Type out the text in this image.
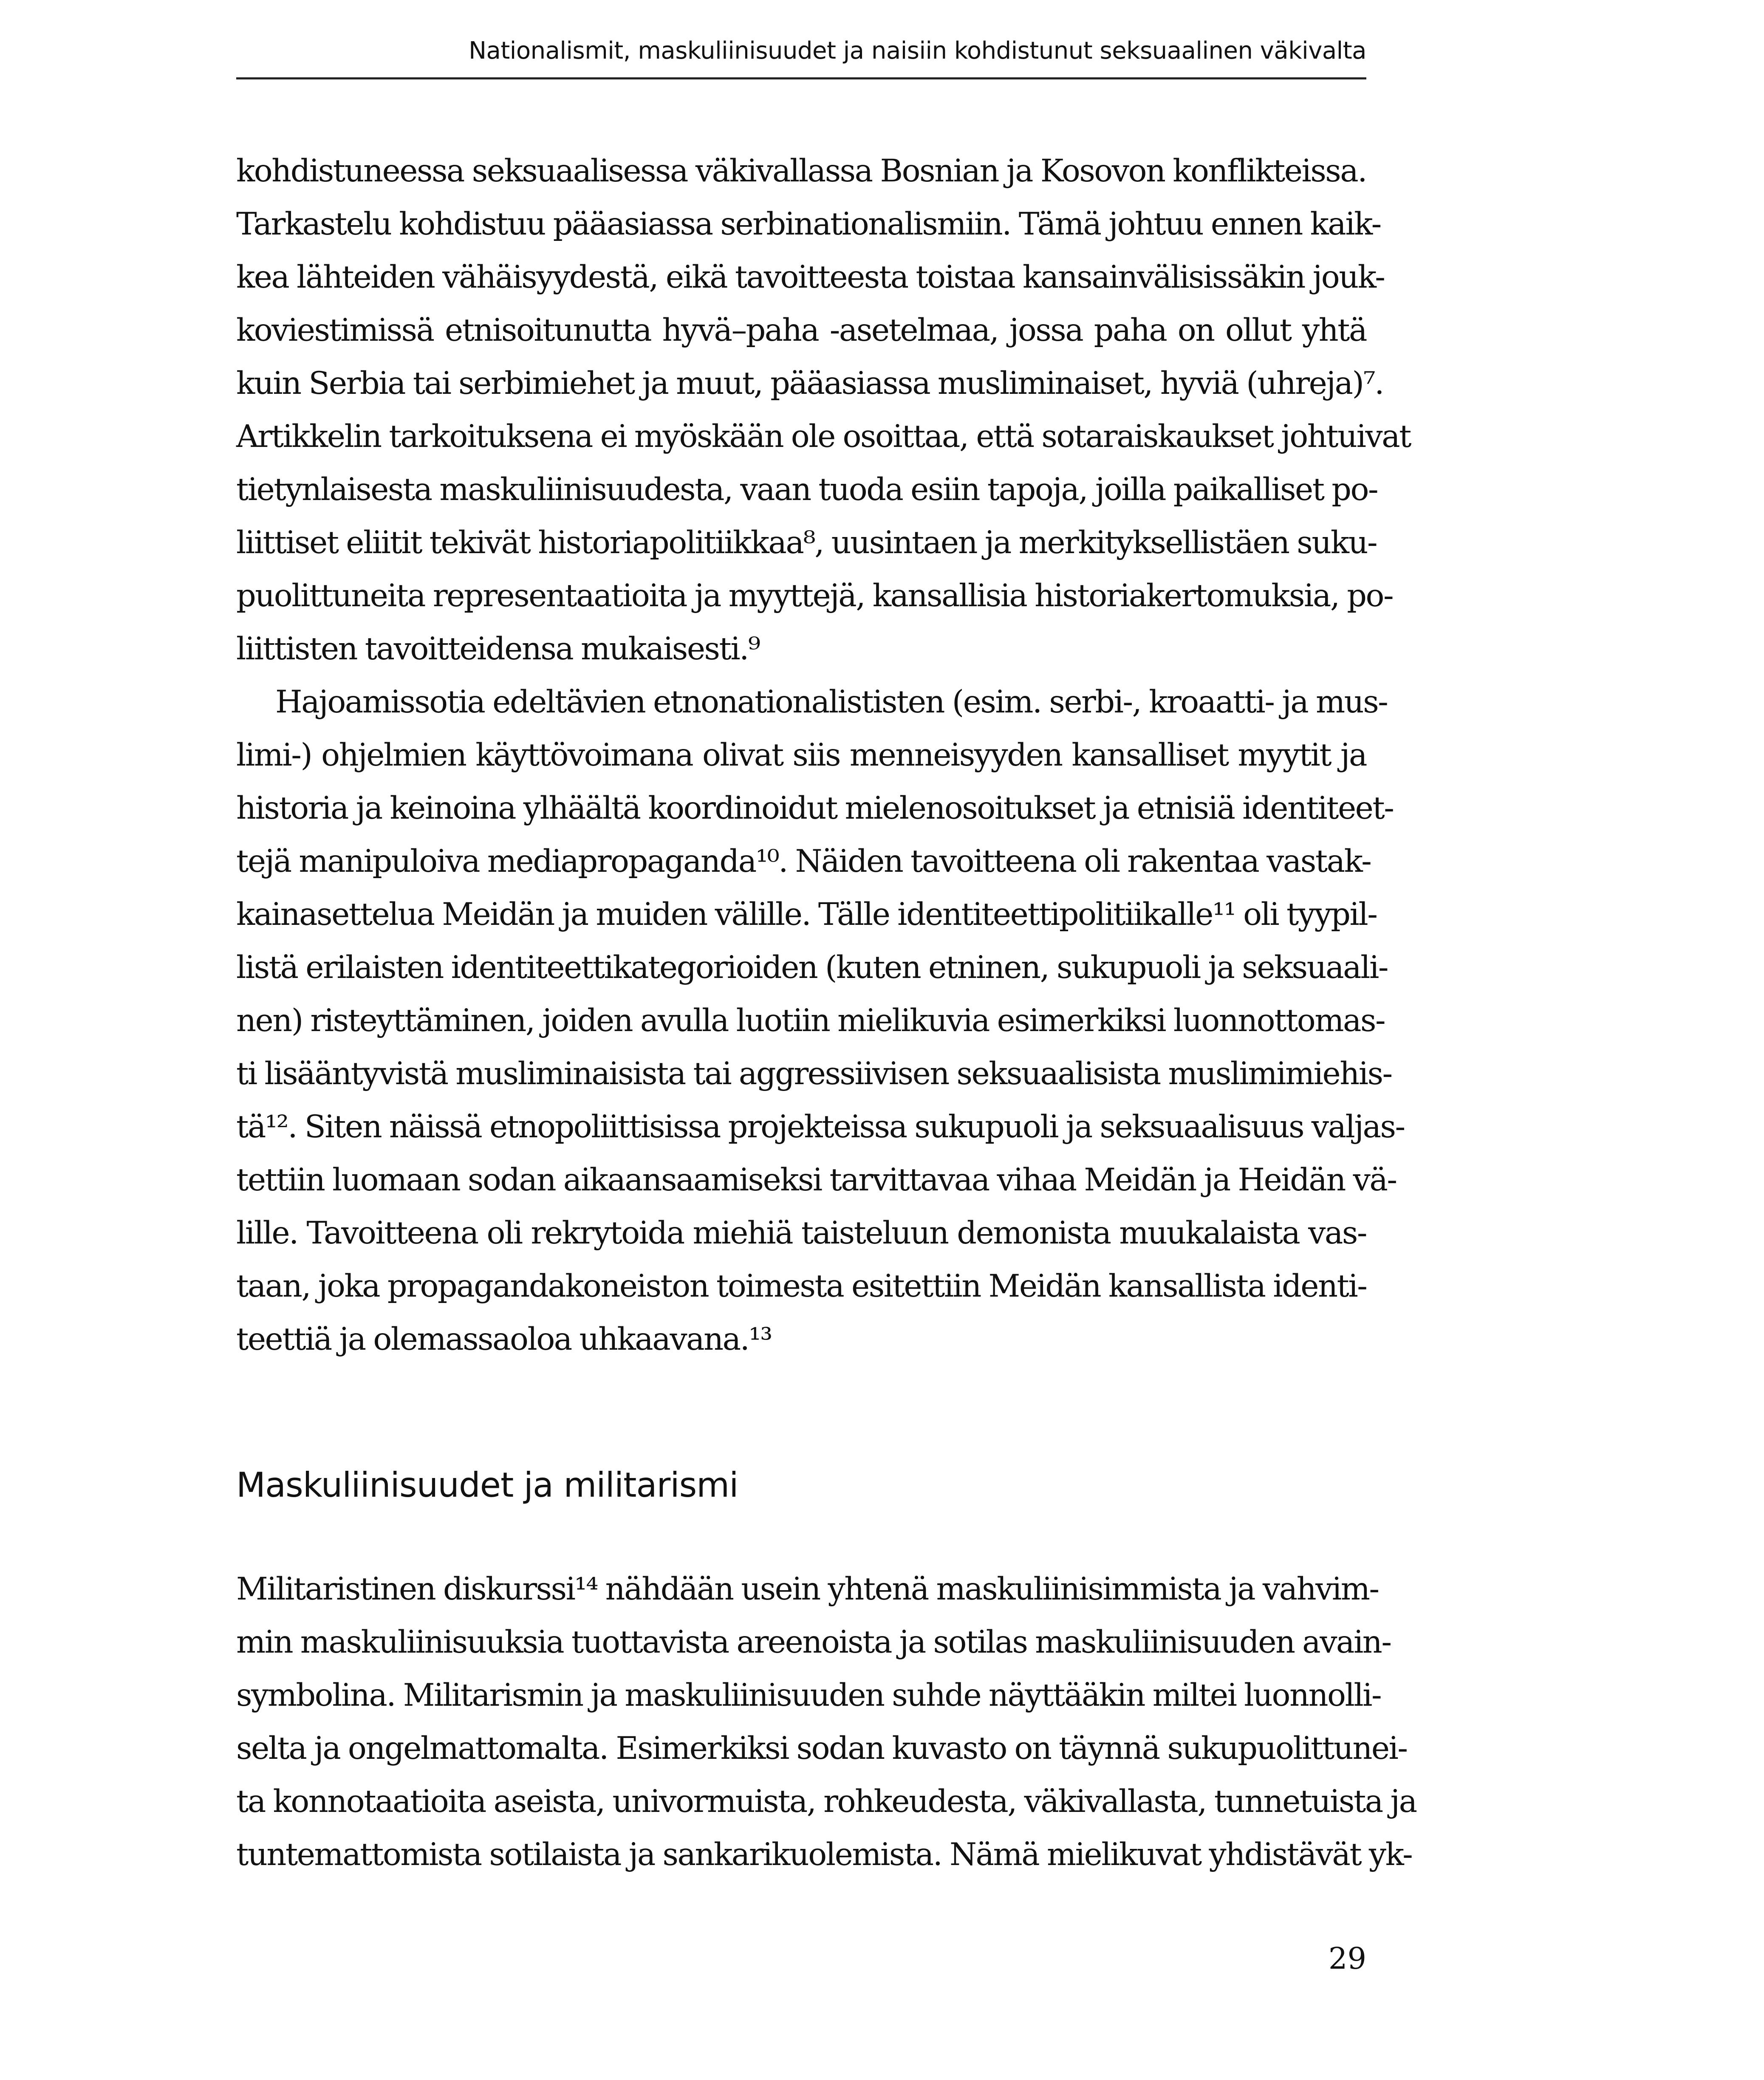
Nationalismit, maskuliinisuudet ja naisiin kohdistunut seksuaalinen väkivalta
kohdistuneessa seksuaalisessa väkivallassa Bosnian ja Kosovon konflikteissa.
Tarkastelu kohdistuu pääasiassa serbinationalismiin. Tämä johtuu ennen kaik-
kea lähteiden vähäisyydestä, eikä tavoitteesta toistaa kansainvälisissäkin jouk-
koviestimissä etnisoitunutta hyvä–paha -asetelmaa, jossa paha on ollut yhtä
kuin Serbia tai serbimiehet ja muut, pääasiassa musliminaiset, hyviä (uhreja)⁷.
Artikkelin tarkoituksena ei myöskään ole osoittaa, että sotaraiskaukset johtuivat
tietynlaisesta maskuliinisuudesta, vaan tuoda esiin tapoja, joilla paikalliset po-
liittiset eliitit tekivät historiapolitiikkaa⁸, uusintaen ja merkityksellistäen suku-
puolittuneita representaatioita ja myyttejä, kansallisia historiakertomuksia, po-
liittisten tavoitteidensa mukaisesti.⁹
Hajoamissotia edeltävien etnonationalististen (esim. serbi-, kroaatti- ja mus-
limi-) ohjelmien käyttövoimana olivat siis menneisyyden kansalliset myytit ja
historia ja keinoina ylhäältä koordinoidut mielenosoitukset ja etnisiä identiteet-
tejä manipuloiva mediapropaganda¹⁰. Näiden tavoitteena oli rakentaa vastak-
kainasettelua Meidän ja muiden välille. Tälle identiteettipolitiikalle¹¹ oli tyypil-
listä erilaisten identiteettikategorioiden (kuten etninen, sukupuoli ja seksuaali-
nen) risteyttäminen, joiden avulla luotiin mielikuvia esimerkiksi luonnottomas-
ti lisääntyvistä musliminaisista tai aggressiivisen seksuaalisista muslimimiehis-
tä¹². Siten näissä etnopoliittisissa projekteissa sukupuoli ja seksuaalisuus valjas-
tettiin luomaan sodan aikaansaamiseksi tarvittavaa vihaa Meidän ja Heidän vä-
lille. Tavoitteena oli rekrytoida miehiä taisteluun demonista muukalaista vas-
taan, joka propagandakoneiston toimesta esitettiin Meidän kansallista identi-
teettiä ja olemassaoloa uhkaavana.¹³
Maskuliinisuudet ja militarismi
Militaristinen diskurssi¹⁴ nähdään usein yhtenä maskuliinisimmista ja vahvim-
min maskuliinisuuksia tuottavista areenoista ja sotilas maskuliinisuuden avain-
symbolina. Militarismin ja maskuliinisuuden suhde näyttääkin miltei luonnolli-
selta ja ongelmattomalta. Esimerkiksi sodan kuvasto on täynnä sukupuolittunei-
ta konnotaatioita aseista, univormuista, rohkeudesta, väkivallasta, tunnetuista ja
tuntemattomista sotilaista ja sankarikuolemista. Nämä mielikuvat yhdistävät yk-
29
